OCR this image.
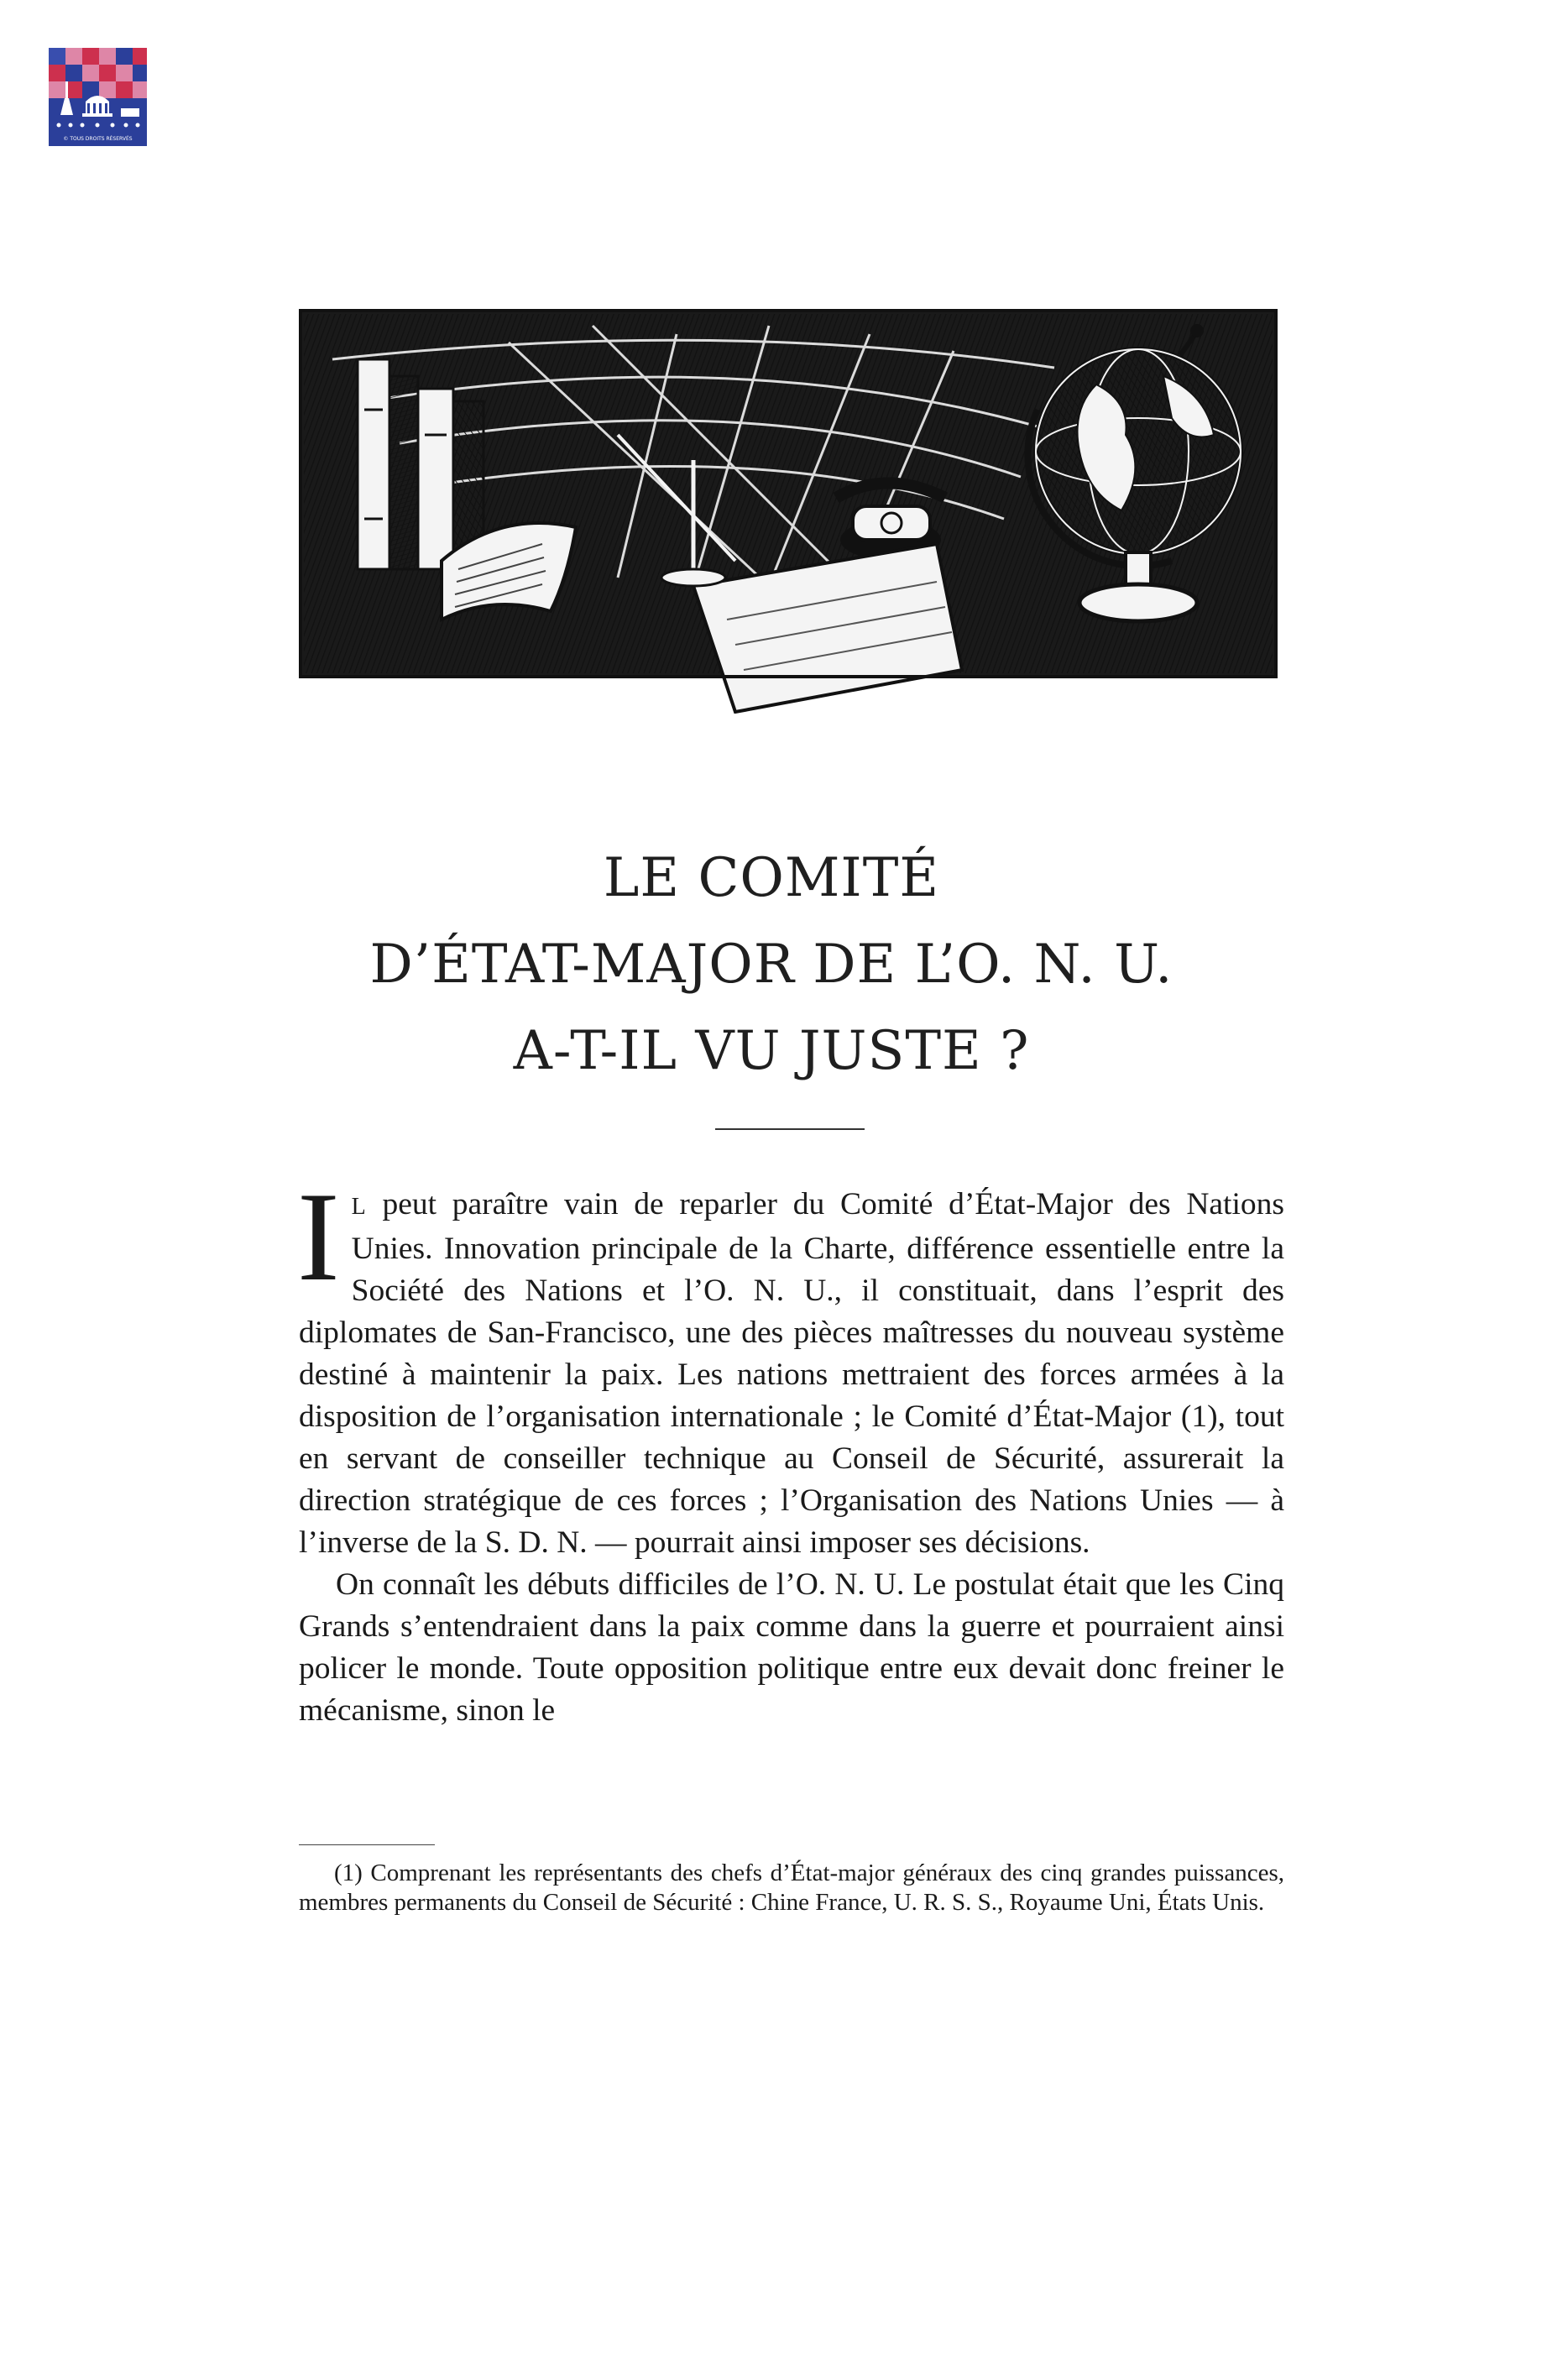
© TOUS DROITS RÉSERVÉS
LE COMITÉ
D’ÉTAT-MAJOR DE L’O. N. U.
A-T-IL VU JUSTE ?

I L peut paraître vain de reparler du Comité d’État-Major des Nations Unies. Innovation principale de la Charte, différence essentielle entre la Société des Nations et l’O. N. U., il constituait, dans l’esprit des diplomates de San-Francisco, une des pièces maîtresses du nouveau système destiné à maintenir la paix. Les nations mettraient des forces armées à la disposition de l’organisation internationale ; le Comité d’État-Major (1), tout en servant de conseiller technique au Conseil de Sécurité, assurerait la direction stratégique de ces forces ; l’Organisation des Nations Unies — à l’inverse de la S. D. N. — pourrait ainsi imposer ses décisions.

On connaît les débuts difficiles de l’O. N. U. Le postulat était que les Cinq Grands s’entendraient dans la paix comme dans la guerre et pourraient ainsi policer le monde. Toute opposition politique entre eux devait donc freiner le mécanisme, sinon le

(1) Comprenant les représentants des chefs d’État-major généraux des cinq grandes puissances, membres permanents du Conseil de Sécurité : Chine France, U. R. S. S., Royaume Uni, États Unis.
